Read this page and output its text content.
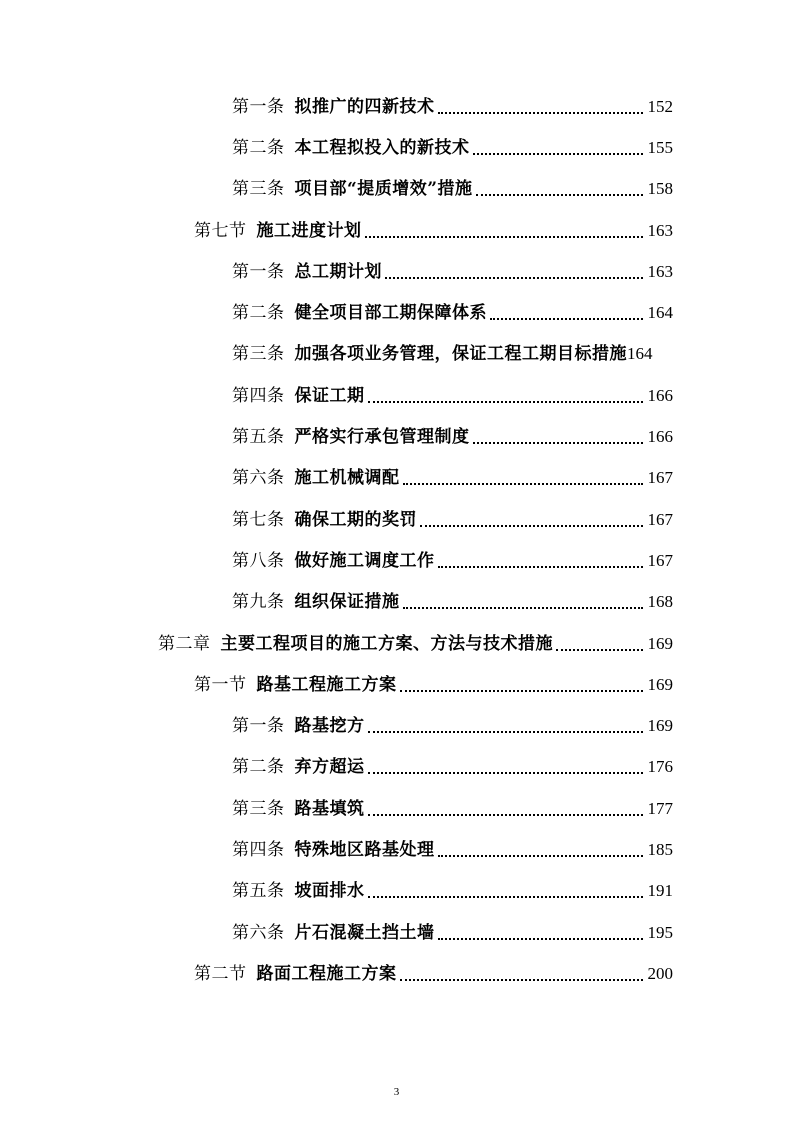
第一条 拟推广的四新技术	152
第二条 本工程拟投入的新技术	155
第三条 项目部“提质增效”措施	158
第七节 施工进度计划	163
第一条 总工期计划	163
第二条 健全项目部工期保障体系	164
第三条 加强各项业务管理，保证工程工期目标措施 164
第四条 保证工期	166
第五条 严格实行承包管理制度	166
第六条 施工机械调配	167
第七条 确保工期的奖罚	167
第八条 做好施工调度工作	167
第九条 组织保证措施	168
第二章 主要工程项目的施工方案、方法与技术措施	169
第一节 路基工程施工方案	169
第一条 路基挖方	169
第二条 弃方超运	176
第三条 路基填筑	177
第四条 特殊地区路基处理	185
第五条 坡面排水	191
第六条 片石混凝土挡土墙	195
第二节 路面工程施工方案	200
3
